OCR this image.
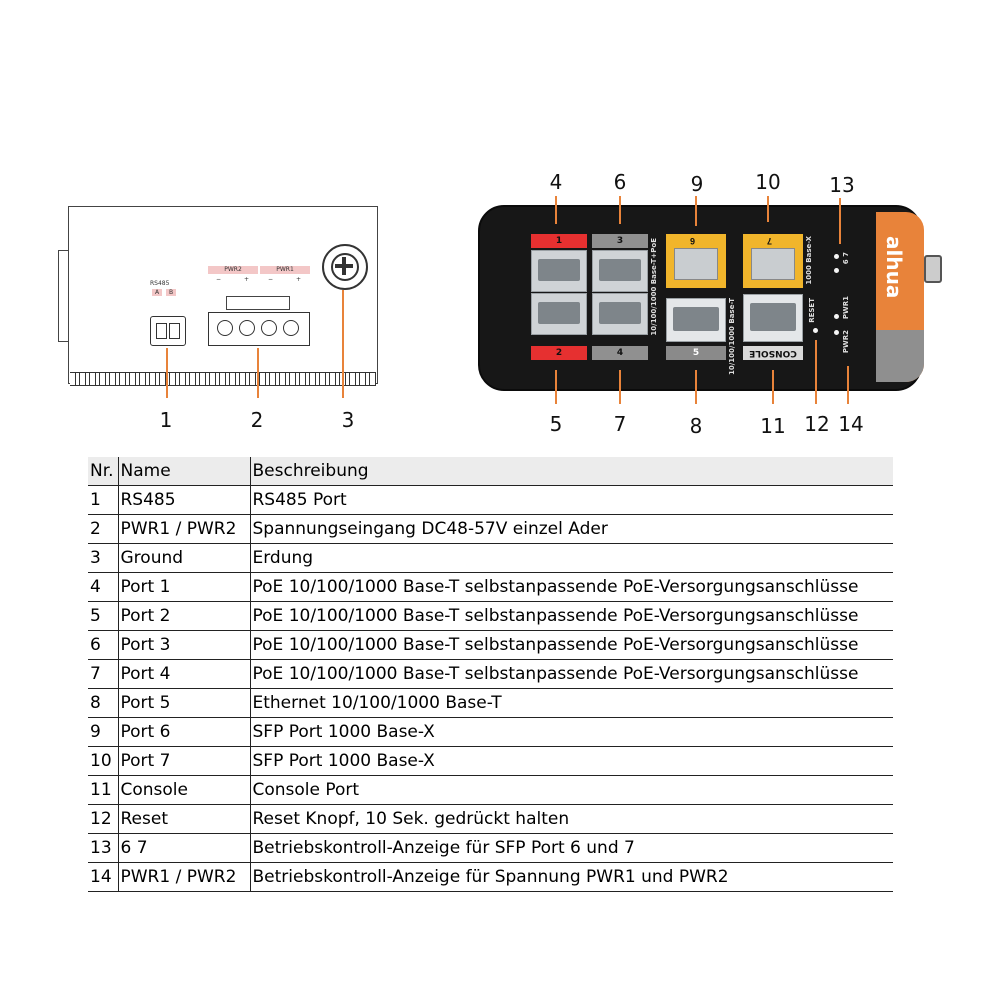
RS485
A	B
PWR2	PWR1
−	+	−	+
1	2	3
alhua
1	3
2	4
10/100/1000 Base-T+PoE	6
5	10/100/1000 Base-T
7
CONSOLE
1000 Base-X
RESET
6 7
PWR1
PWR2
4	6	9	10	13
5	7	8	11 12 14
Nr.	Name	Beschreibung
1	RS485	RS485 Port
2	PWR1 / PWR2	Spannungseingang DC48-57V einzel Ader
3	Ground	Erdung
4	Port 1	PoE 10/100/1000 Base-T selbstanpassende PoE-Versorgungsanschlüsse
5	Port 2	PoE 10/100/1000 Base-T selbstanpassende PoE-Versorgungsanschlüsse
6	Port 3	PoE 10/100/1000 Base-T selbstanpassende PoE-Versorgungsanschlüsse
7	Port 4	PoE 10/100/1000 Base-T selbstanpassende PoE-Versorgungsanschlüsse
8	Port 5	Ethernet 10/100/1000 Base-T
9	Port 6	SFP Port 1000 Base-X
10	Port 7	SFP Port 1000 Base-X
11	Console	Console Port
12	Reset	Reset Knopf, 10 Sek. gedrückt halten
13	6 7	Betriebskontroll-Anzeige für SFP Port 6 und 7
14	PWR1 / PWR2	Betriebskontroll-Anzeige für Spannung PWR1 und PWR2
